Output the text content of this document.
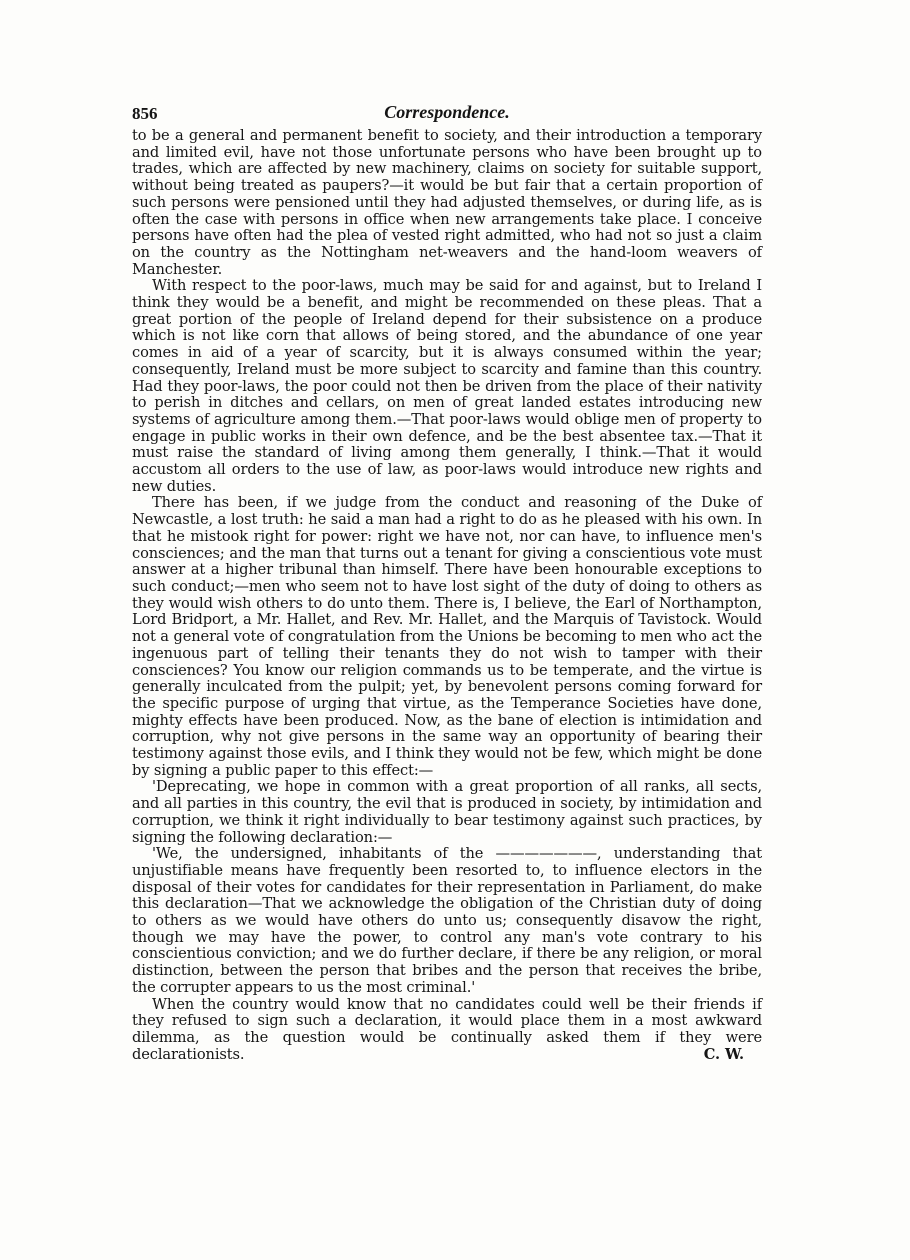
856	Correspondence.

to be a general and permanent benefit to society, and their introduction a temporary and limited evil, have not those unfortunate persons who have been brought up to trades, which are affected by new machinery, claims on society for suitable support, without being treated as paupers?—it would be but fair that a certain proportion of such persons were pensioned until they had adjusted themselves, or during life, as is often the case with persons in office when new arrangements take place. I conceive persons have often had the plea of vested right admitted, who had not so just a claim on the country as the Nottingham net-weavers and the hand-loom weavers of Manchester.

With respect to the poor-laws, much may be said for and against, but to Ireland I think they would be a benefit, and might be recommended on these pleas. That a great portion of the people of Ireland depend for their subsistence on a produce which is not like corn that allows of being stored, and the abundance of one year comes in aid of a year of scarcity, but it is always consumed within the year; consequently, Ireland must be more subject to scarcity and famine than this country. Had they poor-laws, the poor could not then be driven from the place of their nativity to perish in ditches and cellars, on men of great landed estates introducing new systems of agriculture among them.—That poor-laws would oblige men of property to engage in public works in their own defence, and be the best absentee tax.—That it must raise the standard of living among them generally, I think.—That it would accustom all orders to the use of law, as poor-laws would introduce new rights and new duties.

There has been, if we judge from the conduct and reasoning of the Duke of Newcastle, a lost truth: he said a man had a right to do as he pleased with his own. In that he mistook right for power: right we have not, nor can have, to influence men's consciences; and the man that turns out a tenant for giving a conscientious vote must answer at a higher tribunal than himself. There have been honourable exceptions to such conduct;—men who seem not to have lost sight of the duty of doing to others as they would wish others to do unto them. There is, I believe, the Earl of Northampton, Lord Bridport, a Mr. Hallet, and Rev. Mr. Hallet, and the Marquis of Tavistock. Would not a general vote of congratulation from the Unions be becoming to men who act the ingenuous part of telling their tenants they do not wish to tamper with their consciences? You know our religion commands us to be temperate, and the virtue is generally inculcated from the pulpit; yet, by benevolent persons coming forward for the specific purpose of urging that virtue, as the Temperance Societies have done, mighty effects have been produced. Now, as the bane of election is intimidation and corruption, why not give persons in the same way an opportunity of bearing their testimony against those evils, and I think they would not be few, which might be done by signing a public paper to this effect:—

'Deprecating, we hope in common with a great proportion of all ranks, all sects, and all parties in this country, the evil that is produced in society, by intimidation and corruption, we think it right individually to bear testimony against such practices, by signing the following declaration:—

'We, the undersigned, inhabitants of the ———————, understanding that unjustifiable means have frequently been resorted to, to influence electors in the disposal of their votes for candidates for their representation in Parliament, do make this declaration—That we acknowledge the obligation of the Christian duty of doing to others as we would have others do unto us; consequently disavow the right, though we may have the power, to control any man's vote contrary to his conscientious conviction; and we do further declare, if there be any religion, or moral distinction, between the person that bribes and the person that receives the bribe, the corrupter appears to us the most criminal.'

When the country would know that no candidates could well be their friends if they refused to sign such a declaration, it would place them in a most awkward dilemma, as the question would be continually asked them if they were declarationists.	C. W.
